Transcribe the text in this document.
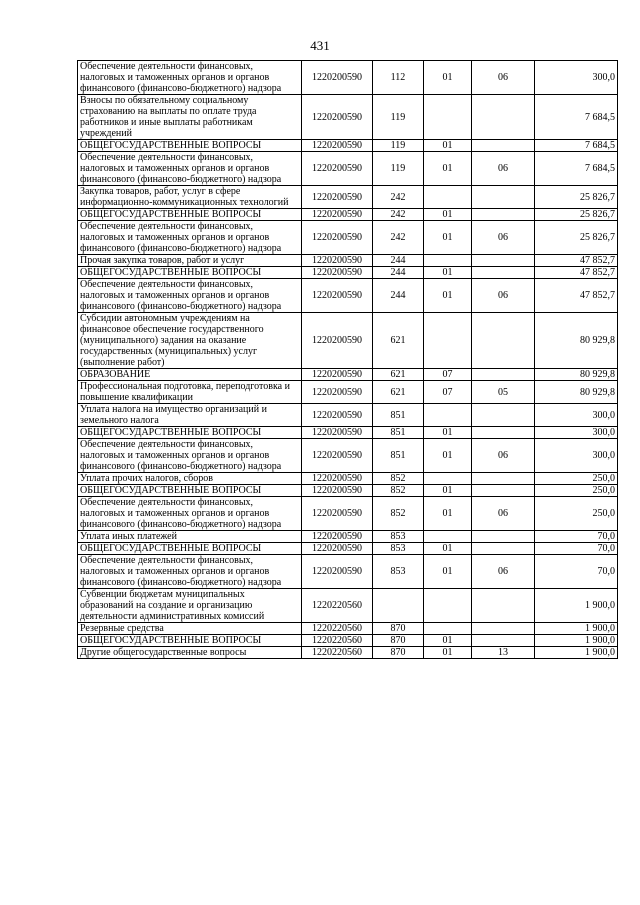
431
Обеспечение деятельности финансовых, налоговых и таможенных органов и органов финансового (финансово-бюджетного) надзора	1220200590	112	01	06	300,0
Взносы по обязательному социальному страхованию на выплаты по оплате труда работников и иные выплаты работникам учреждений	1220200590	119			7 684,5
ОБЩЕГОСУДАРСТВЕННЫЕ ВОПРОСЫ	1220200590	119	01		7 684,5
Обеспечение деятельности финансовых, налоговых и таможенных органов и органов финансового (финансово-бюджетного) надзора	1220200590	119	01	06	7 684,5
Закупка товаров, работ, услуг в сфере информационно-коммуникационных технологий	1220200590	242			25 826,7
ОБЩЕГОСУДАРСТВЕННЫЕ ВОПРОСЫ	1220200590	242	01		25 826,7
Обеспечение деятельности финансовых, налоговых и таможенных органов и органов финансового (финансово-бюджетного) надзора	1220200590	242	01	06	25 826,7
Прочая закупка товаров, работ и услуг	1220200590	244			47 852,7
ОБЩЕГОСУДАРСТВЕННЫЕ ВОПРОСЫ	1220200590	244	01		47 852,7
Обеспечение деятельности финансовых, налоговых и таможенных органов и органов финансового (финансово-бюджетного) надзора	1220200590	244	01	06	47 852,7
Субсидии автономным учреждениям на финансовое обеспечение государственного (муниципального) задания на оказание государственных (муниципальных) услуг (выполнение работ)	1220200590	621			80 929,8
ОБРАЗОВАНИЕ	1220200590	621	07		80 929,8
Профессиональная подготовка, переподготовка и повышение квалификации	1220200590	621	07	05	80 929,8
Уплата налога на имущество организаций и земельного налога	1220200590	851			300,0
ОБЩЕГОСУДАРСТВЕННЫЕ ВОПРОСЫ	1220200590	851	01		300,0
Обеспечение деятельности финансовых, налоговых и таможенных органов и органов финансового (финансово-бюджетного) надзора	1220200590	851	01	06	300,0
Уплата прочих налогов, сборов	1220200590	852			250,0
ОБЩЕГОСУДАРСТВЕННЫЕ ВОПРОСЫ	1220200590	852	01		250,0
Обеспечение деятельности финансовых, налоговых и таможенных органов и органов финансового (финансово-бюджетного) надзора	1220200590	852	01	06	250,0
Уплата иных платежей	1220200590	853			70,0
ОБЩЕГОСУДАРСТВЕННЫЕ ВОПРОСЫ	1220200590	853	01		70,0
Обеспечение деятельности финансовых, налоговых и таможенных органов и органов финансового (финансово-бюджетного) надзора	1220200590	853	01	06	70,0
Субвенции бюджетам муниципальных образований на создание и организацию деятельности административных комиссий	1220220560				1 900,0
Резервные средства	1220220560	870			1 900,0
ОБЩЕГОСУДАРСТВЕННЫЕ ВОПРОСЫ	1220220560	870	01		1 900,0
Другие общегосударственные вопросы	1220220560	870	01	13	1 900,0
